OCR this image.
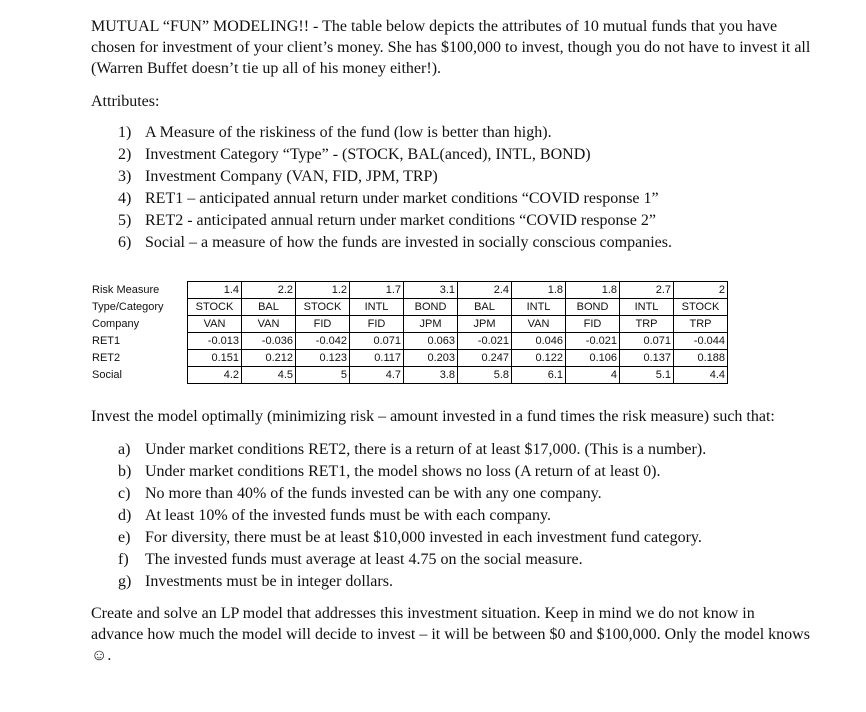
MUTUAL “FUN” MODELING!! - The table below depicts the attributes of 10 mutual funds that you have chosen for investment of your client’s money. She has $100,000 to invest, though you do not have to invest it all (Warren Buffet doesn’t tie up all of his money either!).

Attributes:

1) A Measure of the riskiness of the fund (low is better than high).
2) Investment Category “Type” - (STOCK, BAL(anced), INTL, BOND)
3) Investment Company (VAN, FID, JPM, TRP)
4) RET1 – anticipated annual return under market conditions “COVID response 1”
5) RET2 - anticipated annual return under market conditions “COVID response 2”
6) Social – a measure of how the funds are invested in socially conscious companies.
Risk Measure	1.4	2.2	1.2	1.7	3.1	2.4	1.8	1.8	2.7	2
Type/Category	STOCK	BAL	STOCK	INTL	BOND	BAL	INTL	BOND	INTL	STOCK
Company	VAN	VAN	FID	FID	JPM	JPM	VAN	FID	TRP	TRP
RET1	-0.013	-0.036	-0.042	0.071	0.063	-0.021	0.046	-0.021	0.071	-0.044
RET2	0.151	0.212	0.123	0.117	0.203	0.247	0.122	0.106	0.137	0.188
Social	4.2	4.5	5	4.7	3.8	5.8	6.1	4	5.1	4.4

Invest the model optimally (minimizing risk – amount invested in a fund times the risk measure) such that:

a) Under market conditions RET2, there is a return of at least $17,000. (This is a number).
b) Under market conditions RET1, the model shows no loss (A return of at least 0).
c) No more than 40% of the funds invested can be with any one company.
d) At least 10% of the invested funds must be with each company.
e) For diversity, there must be at least $10,000 invested in each investment fund category.
f) The invested funds must average at least 4.75 on the social measure.
g) Investments must be in integer dollars.

Create and solve an LP model that addresses this investment situation. Keep in mind we do not know in advance how much the model will decide to invest – it will be between $0 and $100,000. Only the model knows ☺.
